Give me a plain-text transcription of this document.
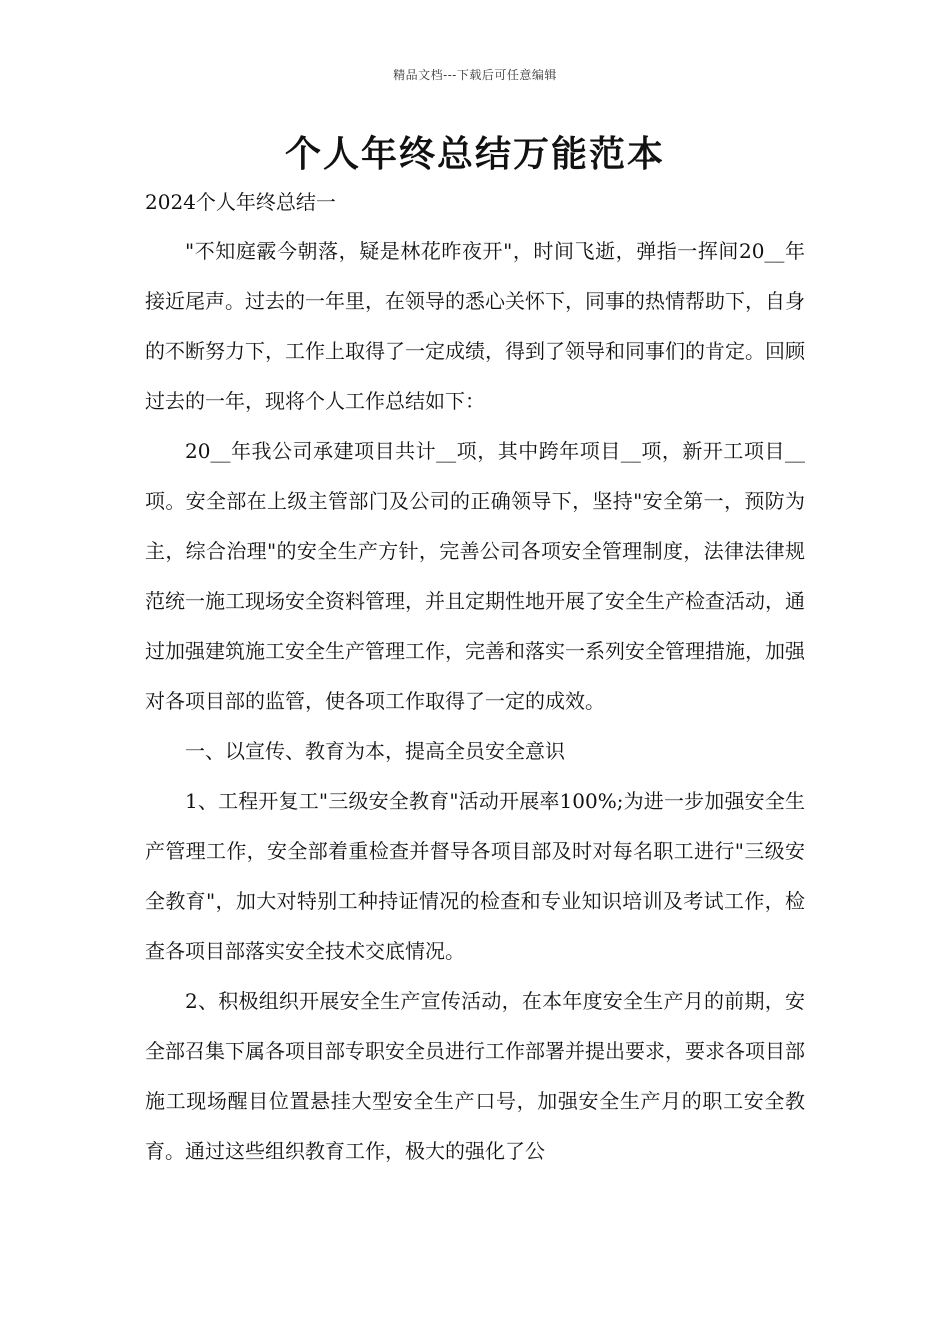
精品文档---下载后可任意编辑
个人年终总结万能范本
2024个人年终总结一

"不知庭霰今朝落，疑是林花昨夜开"，时间飞逝，弹指一挥间20__年接近尾声。过去的一年里，在领导的悉心关怀下，同事的热情帮助下，自身的不断努力下，工作上取得了一定成绩，得到了领导和同事们的肯定。回顾过去的一年，现将个人工作总结如下：

20__年我公司承建项目共计__项，其中跨年项目__项，新开工项目__项。安全部在上级主管部门及公司的正确领导下，坚持"安全第一，预防为主，综合治理"的安全生产方针，完善公司各项安全管理制度，法律法律规范统一施工现场安全资料管理，并且定期性地开展了安全生产检查活动，通过加强建筑施工安全生产管理工作，完善和落实一系列安全管理措施，加强对各项目部的监管，使各项工作取得了一定的成效。

一、以宣传、教育为本，提高全员安全意识

1、工程开复工"三级安全教育"活动开展率100%;为进一步加强安全生产管理工作，安全部着重检查并督导各项目部及时对每名职工进行"三级安全教育"，加大对特别工种持证情况的检查和专业知识培训及考试工作，检查各项目部落实安全技术交底情况。

2、积极组织开展安全生产宣传活动，在本年度安全生产月的前期，安全部召集下属各项目部专职安全员进行工作部署并提出要求，要求各项目部施工现场醒目位置悬挂大型安全生产口号，加强安全生产月的职工安全教育。通过这些组织教育工作，极大的强化了公
